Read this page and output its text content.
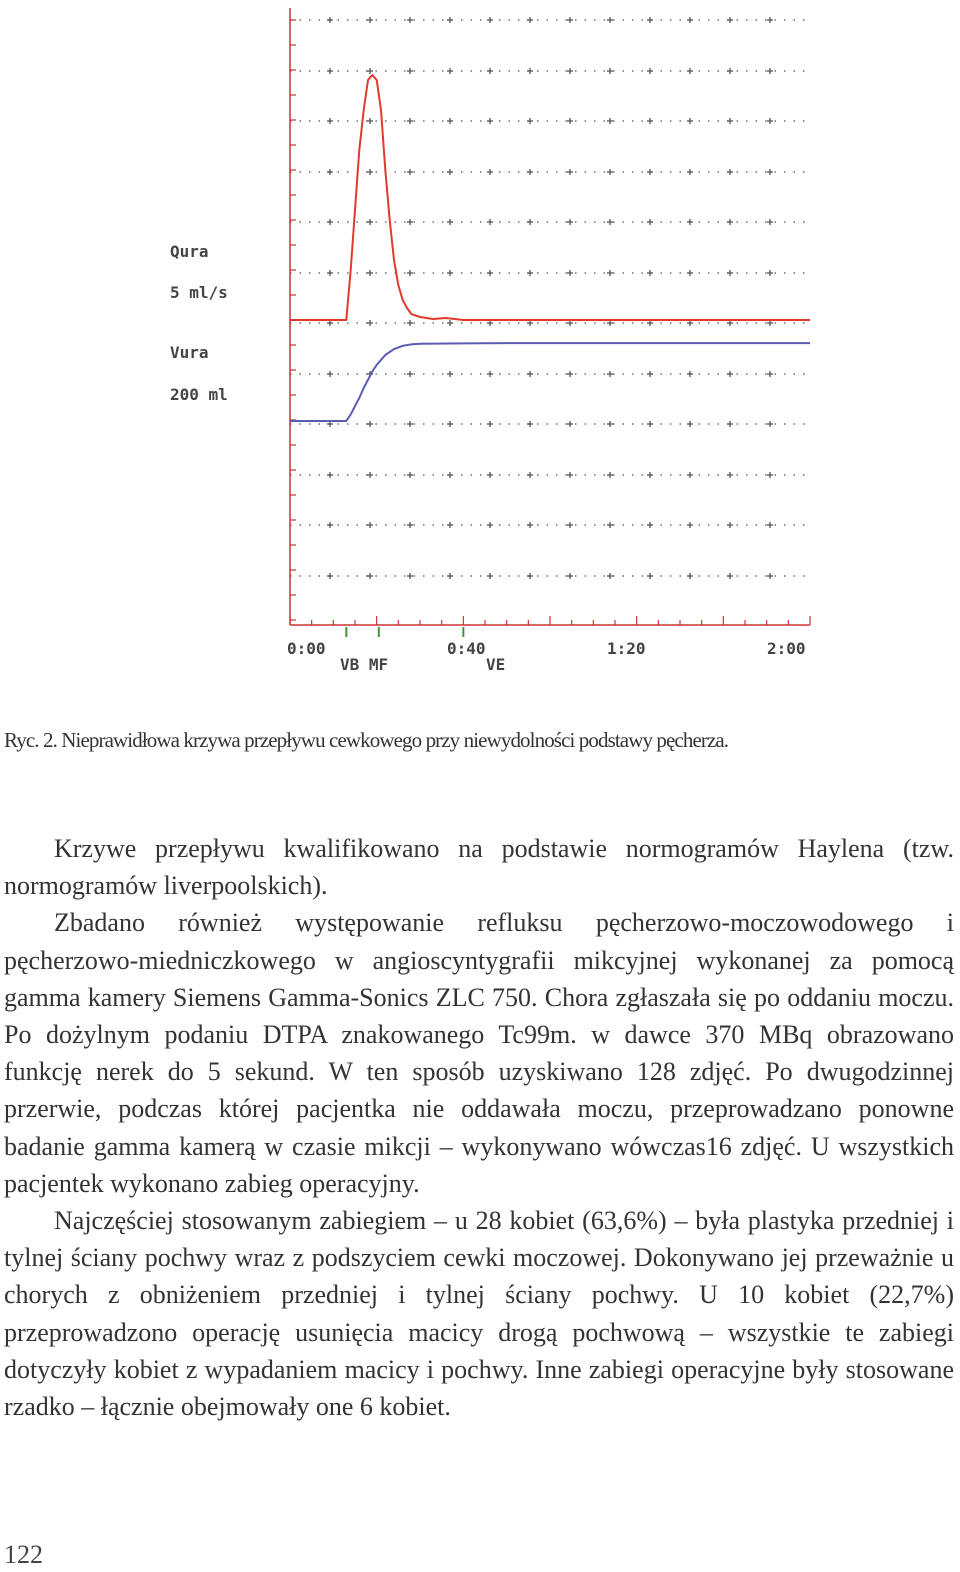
Qura
5 ml/s
Vura
200 ml
0:00	0:40	1:20	2:00
VB MF	VE
Ryc. 2. Nieprawidłowa krzywa przepływu cewkowego przy niewydolności podstawy pęcherza.

Krzywe przepływu kwalifikowano na podstawie normogramów Haylena (tzw. normogramów liverpoolskich).

Zbadano również występowanie refluksu pęcherzowo-moczowodowego i pęcherzowo-miedniczkowego w angioscyntygrafii mikcyjnej wykonanej za pomocą gamma kamery Siemens Gamma-Sonics ZLC 750. Chora zgłaszała się po oddaniu moczu. Po dożylnym podaniu DTPA znakowanego Tc99m. w dawce 370 MBq obrazowano funkcję nerek do 5 sekund. W ten sposób uzyskiwano 128 zdjęć. Po dwugodzinnej przerwie, podczas której pacjentka nie oddawała moczu, przeprowadzano ponowne badanie gamma kamerą w czasie mikcji – wykonywano wówczas16 zdjęć. U wszystkich pacjentek wykonano zabieg operacyjny.

Najczęściej stosowanym zabiegiem – u 28 kobiet (63,6%) – była plastyka przedniej i tylnej ściany pochwy wraz z podszyciem cewki moczowej. Dokonywano jej przeważnie u chorych z obniżeniem przedniej i tylnej ściany pochwy. U 10 kobiet (22,7%) przeprowadzono operację usunięcia macicy drogą pochwową – wszystkie te zabiegi dotyczyły kobiet z wypadaniem macicy i pochwy. Inne zabiegi operacyjne były stosowane rzadko – łącznie obejmowały one 6 kobiet.

122
